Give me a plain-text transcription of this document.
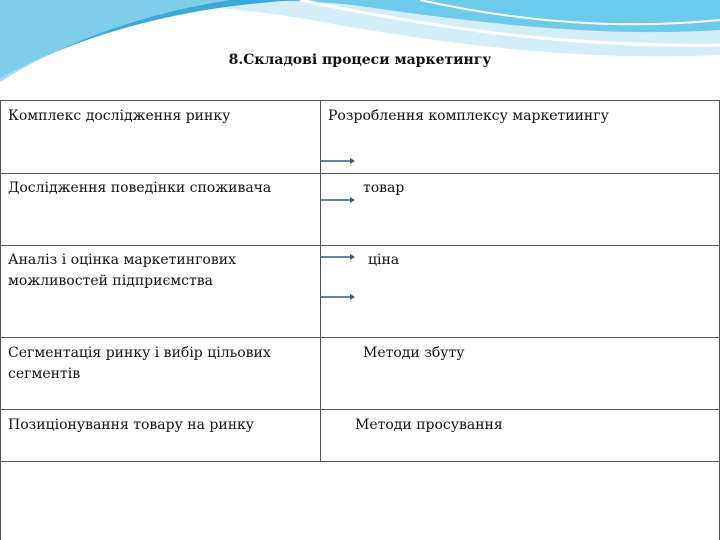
8.Складові процеси маркетингу
Комплекс дослідження ринку
Дослідження поведінки споживача
Аналіз і оцінка маркетингових можливостей підприємства
Сегментація ринку і вибір цільових сегментів
Позиціонування товару на ринку
Розроблення комплексу маркетиингу
товар
ціна
Методи збуту
Методи просування
